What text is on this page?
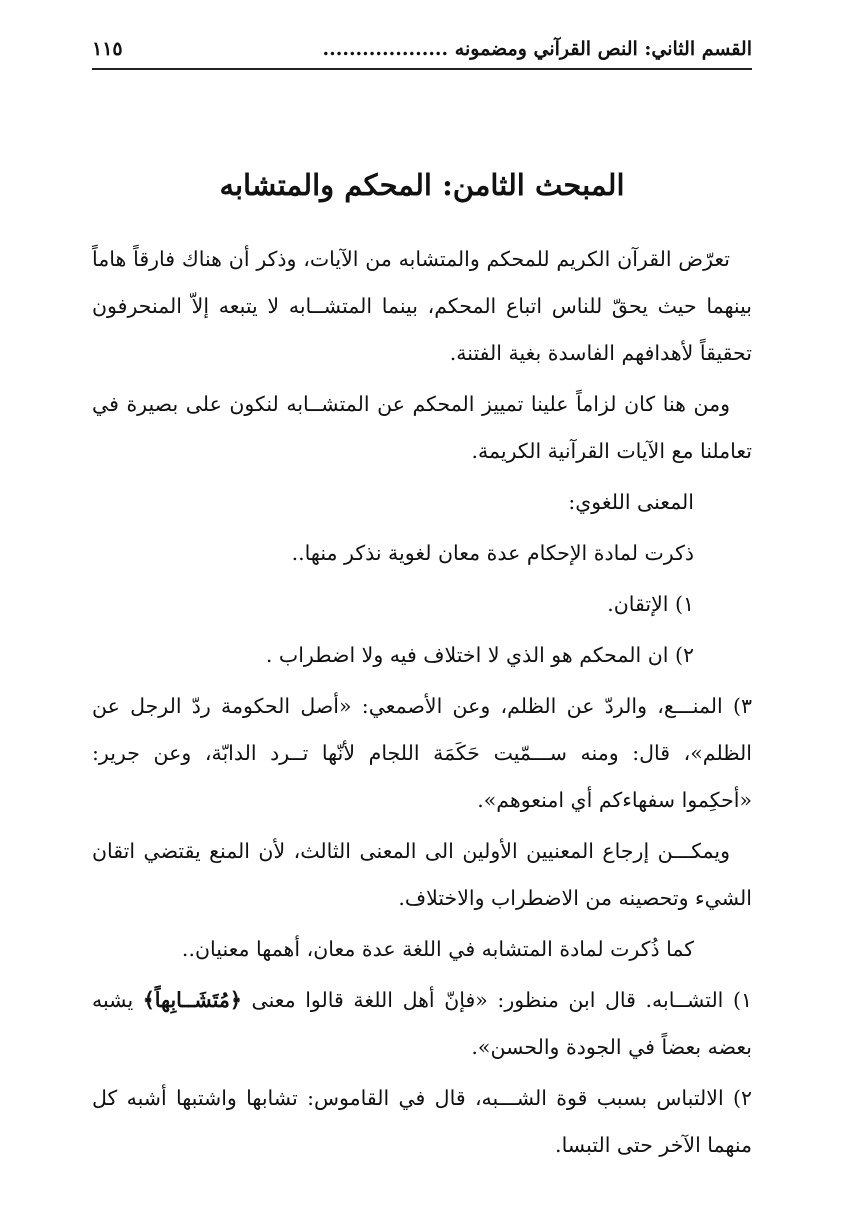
القسم الثاني: النص القرآني ومضمونه ...................
١١٥
المبحث الثامن: المحكم والمتشابه

تعرّض القرآن الكريم للمحكم والمتشابه من الآيات، وذكر أن هناك فارقاً هاماً بينهما حيث يحقّ للناس اتباع المحكم، بينما المتشــابه لا يتبعه إلاّ المنحرفون تحقيقاً لأهدافهم الفاسدة بغية الفتنة.

ومن هنا كان لزاماً علينا تمييز المحكم عن المتشــابه لنكون على بصيرة في تعاملنا مع الآيات القرآنية الكريمة.

المعنى اللغوي:

ذكرت لمادة الإحكام عدة معان لغوية نذكر منها..

١) الإتقان.

٢) ان المحكم هو الذي لا اختلاف فيه ولا اضطراب .

٣) المنـــع، والردّ عن الظلم، وعن الأصمعي: «أصل الحكومة ردّ الرجل عن الظلم»، قال: ومنه ســـمّيت حَكَمَة اللجام لأنّها تــرد الدابّة، وعن جرير: «أحكِموا سفهاءكم أي امنعوهم».

ويمكـــن إرجاع المعنيين الأولين الى المعنى الثالث، لأن المنع يقتضي اتقان الشيء وتحصينه من الاضطراب والاختلاف.

كما ذُكرت لمادة المتشابه في اللغة عدة معان، أهمها معنيان..

١) التشــابه. قال ابن منظور: «فإنّ أهل اللغة قالوا معنى ﴿مُتَشَــابِهاً﴾ يشبه بعضه بعضاً في الجودة والحسن».

٢) الالتباس بسبب قوة الشـــبه، قال في القاموس: تشابها واشتبها أشبه كل منهما الآخر حتى التبسا.
